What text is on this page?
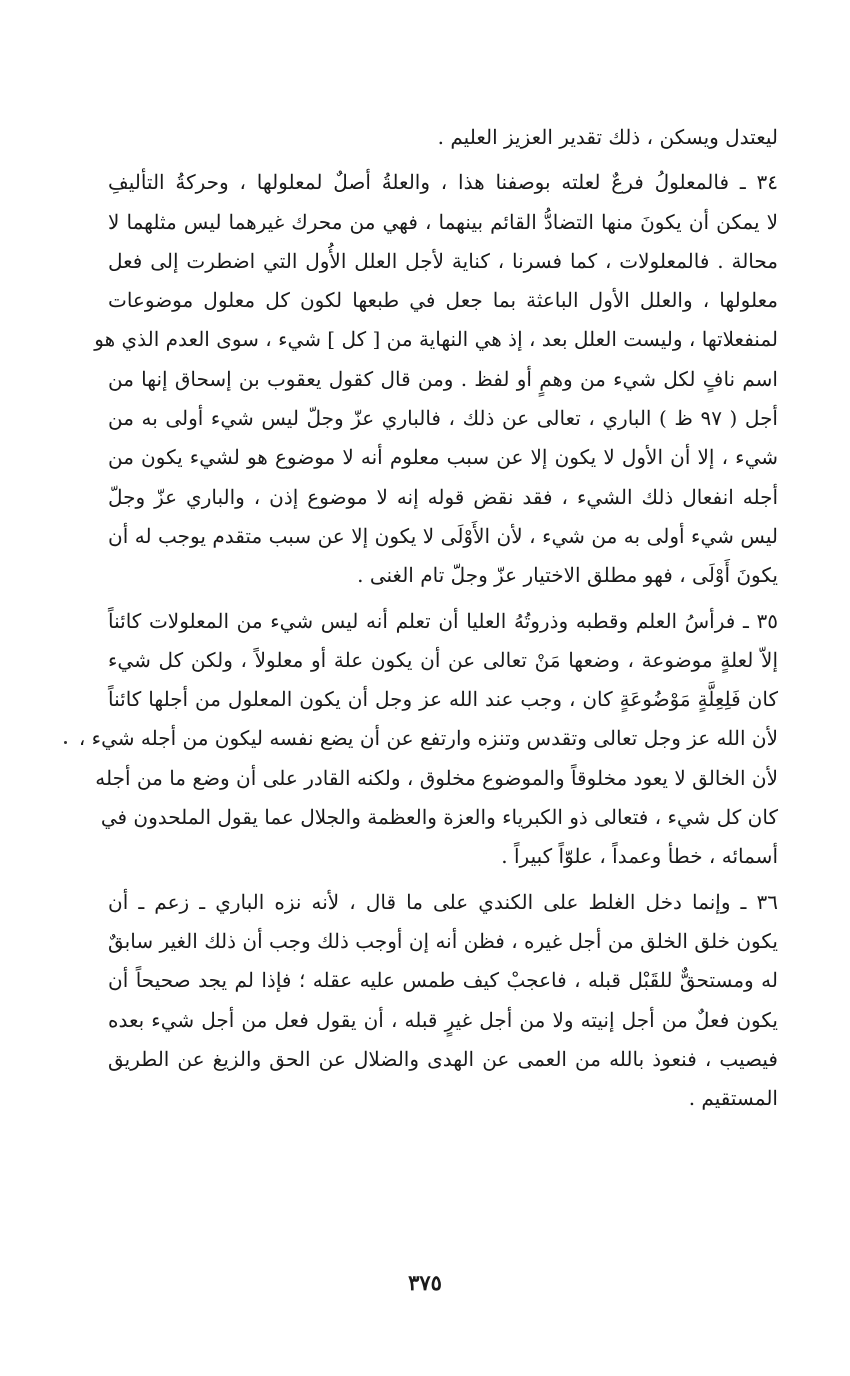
ليعتدل ويسكن ، ذلك تقدير العزيز العليم .
٣٤ ـ فالمعلولُ فرعٌ لعلته بوصفنا هذا ، والعلةُ أصلٌ لمعلولها ، وحركةُ التأليفِ
لا يمكن أن يكونَ منها التضادُّ القائم بينهما ، فهي من محرك غيرهما ليس مثلهما لا
محالة . فالمعلولات ، كما فسرنا ، كناية لأجل العلل الأُول التي اضطرت إلى فعل
معلولها ، والعلل الأول الباعثة بما جعل في طبعها لكون كل معلول موضوعات
لمنفعلاتها ، وليست العلل بعد ، إذ هي النهاية من [ كل ] شيء ، سوى العدم الذي هو
اسم نافٍ لكل شيء من وهمٍ أو لفظ . ومن قال كقول يعقوب بن إسحاق إنها من
أجل ( ٩٧ ظ ) الباري ، تعالى عن ذلك ، فالباري عزّ وجلّ ليس شيء أولى به من
شيء ، إلا أن الأول لا يكون إلا عن سبب معلوم أنه لا موضوع هو لشيء يكون من
أجله انفعال ذلك الشيء ، فقد نقض قوله إنه لا موضوع إذن ، والباري عزّ وجلّ
ليس شيء أولى به من شيء ، لأن الأَوْلَى لا يكون إلا عن سبب متقدم يوجب له أن
يكونَ أَوْلَى ، فهو مطلق الاختيار عزّ وجلّ تام الغنى .
٣٥ ـ فرأسُ العلم وقطبه وذروتُهُ العليا أن تعلم أنه ليس شيء من المعلولات كائناً
إلاّ لعلةٍ موضوعة ، وضعها مَنْ تعالى عن أن يكون علة أو معلولاً ، ولكن كل شيء
كان فَلِعِلَّةٍ مَوْضُوعَةٍ كان ، وجب عند الله عز وجل أن يكون المعلول من أجلها كائناً
لأن الله عز وجل تعالى وتقدس وتنزه وارتفع عن أن يضع نفسه ليكون من أجله شيء ،
لأن الخالق لا يعود مخلوقاً والموضوع مخلوق ، ولكنه القادر على أن وضع ما من أجله
كان كل شيء ، فتعالى ذو الكبرياء والعزة والعظمة والجلال عما يقول الملحدون في
أسمائه ، خطأ وعمداً ، علوّاً كبيراً .
٣٦ ـ وإنما دخل الغلط على الكندي على ما قال ، لأنه نزه الباري ـ زعم ـ أن
يكون خلق الخلق من أجل غيره ، فظن أنه إن أوجب ذلك وجب أن ذلك الغير سابقٌ
له ومستحقٌّ للقَبْل قبله ، فاعجبْ كيف طمس عليه عقله ؛ فإذا لم يجد صحيحاً أن
يكون فعلٌ من أجل إنيته ولا من أجل غيرٍ قبله ، أن يقول فعل من أجل شيء بعده
فيصيب ، فنعوذ بالله من العمى عن الهدى والضلال عن الحق والزيغ عن الطريق
المستقيم .
٣٧٥
